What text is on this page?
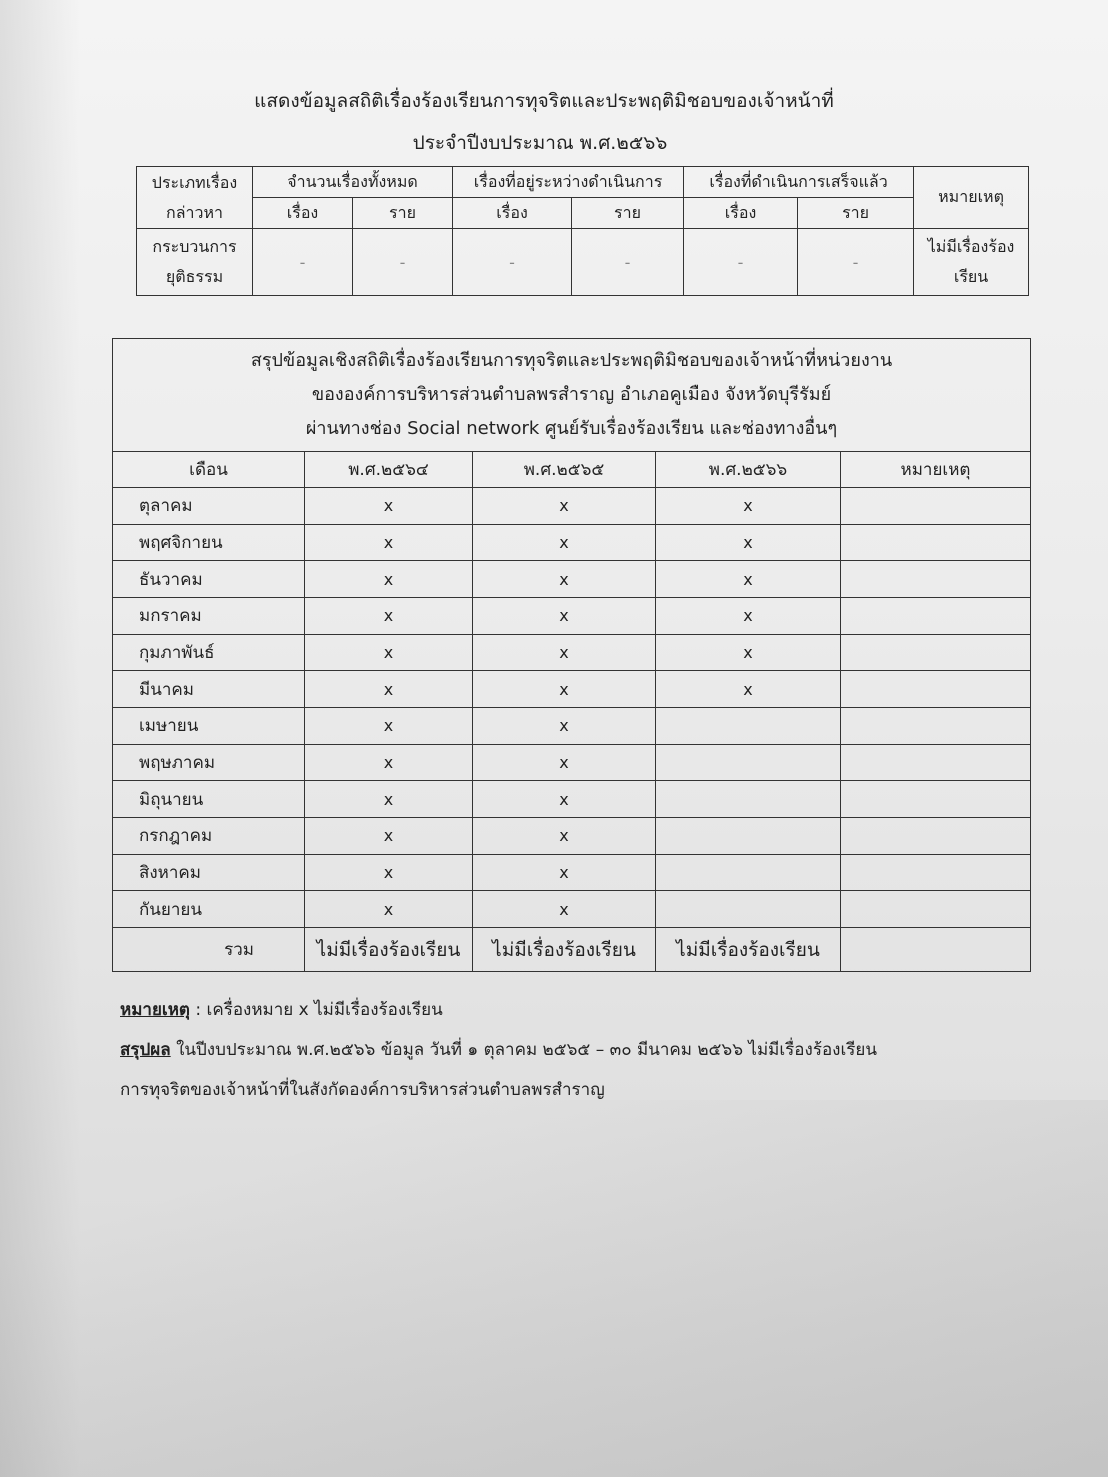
แสดงข้อมูลสถิติเรื่องร้องเรียนการทุจริตและประพฤติมิชอบของเจ้าหน้าที่
ประจำปีงบประมาณ พ.ศ.๒๕๖๖
ประเภทเรื่องกล่าวหา	จำนวนเรื่องทั้งหมด		เรื่องที่อยู่ระหว่างดำเนินการ		เรื่องที่ดำเนินการเสร็จแล้ว		หมายเหตุ
	เรื่อง	ราย	เรื่อง	ราย	เรื่อง	ราย	
กระบวนการยุติธรรม	-	-	-	-	-	-	ไม่มีเรื่องร้องเรียน
สรุปข้อมูลเชิงสถิติเรื่องร้องเรียนการทุจริตและประพฤติมิชอบของเจ้าหน้าที่หน่วยงาน
ขององค์การบริหารส่วนตำบลพรสำราญ อำเภอคูเมือง จังหวัดบุรีรัมย์
ผ่านทางช่อง Social network ศูนย์รับเรื่องร้องเรียน และช่องทางอื่นๆ				

เดือน	พ.ศ.๒๕๖๔	พ.ศ.๒๕๖๕	พ.ศ.๒๕๖๖	หมายเหตุ
ตุลาคม	x	x	x	
พฤศจิกายน	x	x	x	
ธันวาคม	x	x	x	
มกราคม	x	x	x	
กุมภาพันธ์	x	x	x	
มีนาคม	x	x	x	
เมษายน	x	x		
พฤษภาคม	x	x		
มิถุนายน	x	x		
กรกฎาคม	x	x		
สิงหาคม	x	x		
กันยายน	x	x		
รวม	ไม่มีเรื่องร้องเรียน	ไม่มีเรื่องร้องเรียน	ไม่มีเรื่องร้องเรียน	
หมายเหตุ : เครื่องหมาย x ไม่มีเรื่องร้องเรียน
สรุปผล ในปีงบประมาณ พ.ศ.๒๕๖๖ ข้อมูล วันที่ ๑ ตุลาคม ๒๕๖๕ – ๓๐ มีนาคม ๒๕๖๖ ไม่มีเรื่องร้องเรียน
การทุจริตของเจ้าหน้าที่ในสังกัดองค์การบริหารส่วนตำบลพรสำราญ
